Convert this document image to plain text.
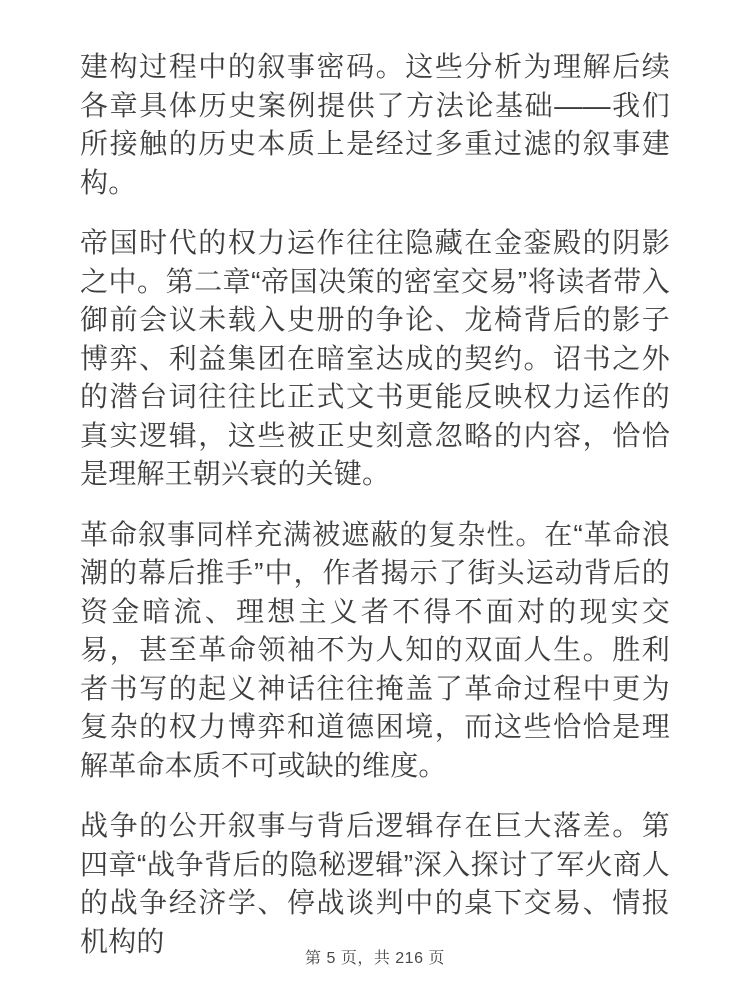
建构过程中的叙事密码。这些分析为理解后续各章具体历史案例提供了方法论基础——我们所接触的历史本质上是经过多重过滤的叙事建构。

帝国时代的权力运作往往隐藏在金銮殿的阴影之中。第二章“帝国决策的密室交易”将读者带入御前会议未载入史册的争论、龙椅背后的影子博弈、利益集团在暗室达成的契约。诏书之外的潜台词往往比正式文书更能反映权力运作的真实逻辑，这些被正史刻意忽略的内容，恰恰是理解王朝兴衰的关键。

革命叙事同样充满被遮蔽的复杂性。在“革命浪潮的幕后推手”中，作者揭示了街头运动背后的资金暗流、理想主义者不得不面对的现实交易，甚至革命领袖不为人知的双面人生。胜利者书写的起义神话往往掩盖了革命过程中更为复杂的权力博弈和道德困境，而这些恰恰是理解革命本质不可或缺的维度。

战争的公开叙事与背后逻辑存在巨大落差。第四章“战争背后的隐秘逻辑”深入探讨了军火商人的战争经济学、停战谈判中的桌下交易、情报机构的

第 5 页，共 216 页
